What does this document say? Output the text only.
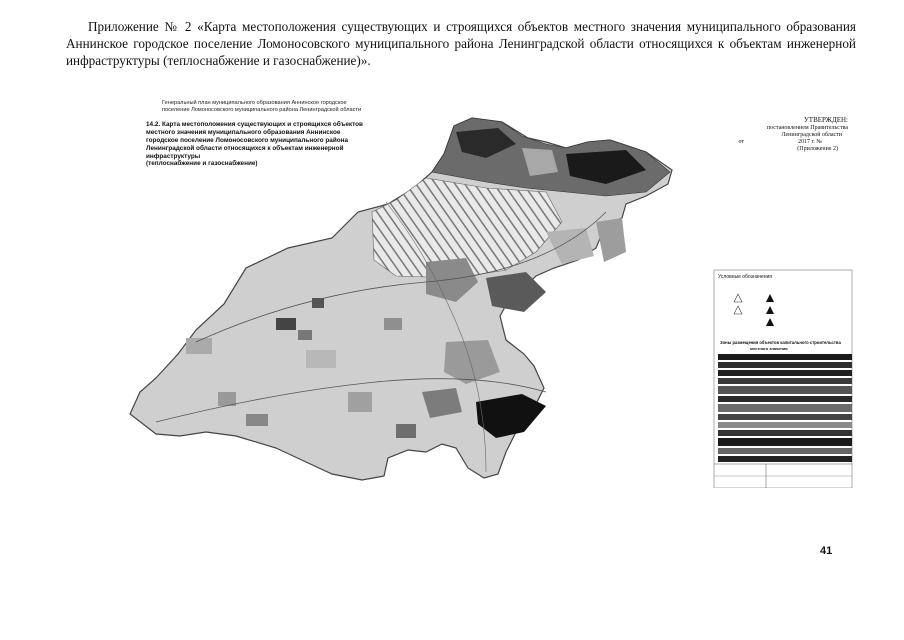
Приложение № 2 «Карта местоположения существующих и строящихся объектов местного значения муниципального образования Аннинское городское поселение Ломоносовского муниципального района Ленинградской области относящихся к объектам инженерной инфраструктуры (теплоснабжение и газоснабжение)».
Генеральный план муниципального образования Аннинское городское
поселение Ломоносовского муниципального района Ленинградской области
14.2. Карта местоположения существующих и строящихся объектов
местного значения муниципального образования Аннинское
городское поселение Ломоносовского муниципального района
Ленинградской области относящихся к объектам инженерной
инфраструктуры
(теплоснабжение и газоснабжение)
УТВЕРЖДЕН:
постановлением Правительства
Ленинградской области
от	2017 г. №
(Приложение 2)
Условные обозначения
Зоны размещения объектов капитального строительства
местного значения
41
